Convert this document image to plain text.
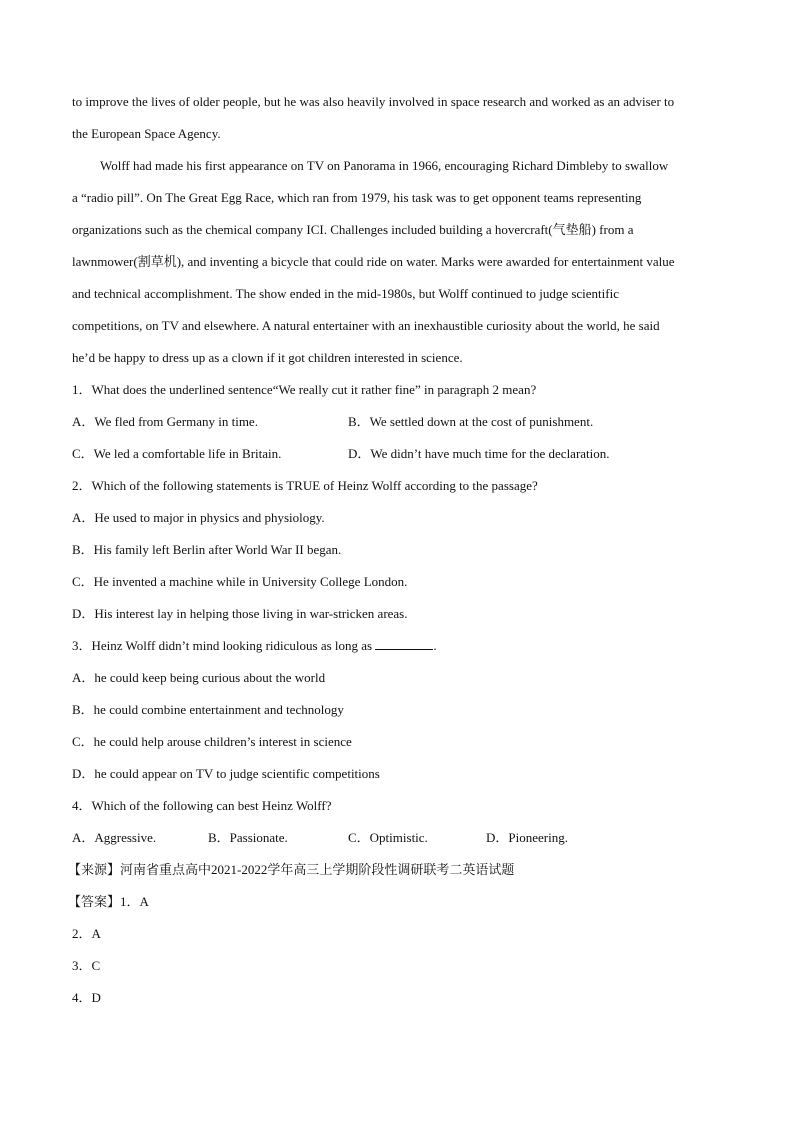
to improve the lives of older people, but he was also heavily involved in space research and worked as an adviser to

the European Space Agency.

Wolff had made his first appearance on TV on Panorama in 1966, encouraging Richard Dimbleby to swallow

a “radio pill”. On The Great Egg Race, which ran from 1979, his task was to get opponent teams representing

organizations such as the chemical company ICI. Challenges included building a hovercraft(气垫船) from a

lawnmower(割草机), and inventing a bicycle that could ride on water. Marks were awarded for entertainment value

and technical accomplishment. The show ended in the mid-1980s, but Wolff continued to judge scientific

competitions, on TV and elsewhere. A natural entertainer with an inexhaustible curiosity about the world, he said

he’d be happy to dress up as a clown if it got children interested in science.

1．What does the underlined sentence“We really cut it rather fine” in paragraph 2 mean?

A．We fled from Germany in time.	B．We settled down at the cost of punishment.
C．We led a comfortable life in Britain.	D．We didn’t have much time for the declaration.

2．Which of the following statements is TRUE of Heinz Wolff according to the passage?

A．He used to major in physics and physiology.

B．His family left Berlin after World War II began.

C．He invented a machine while in University College London.

D．His interest lay in helping those living in war-stricken areas.

3．Heinz Wolff didn’t mind looking ridiculous as long as	.

A．he could keep being curious about the world

B．he could combine entertainment and technology

C．he could help arouse children’s interest in science

D．he could appear on TV to judge scientific competitions

4．Which of the following can best Heinz Wolff?

A．Aggressive.	B．Passionate.	C．Optimistic.	D．Pioneering.

【来源】河南省重点高中2021-2022学年高三上学期阶段性调研联考二英语试题

【答案】1．A

2．A

3．C

4．D
